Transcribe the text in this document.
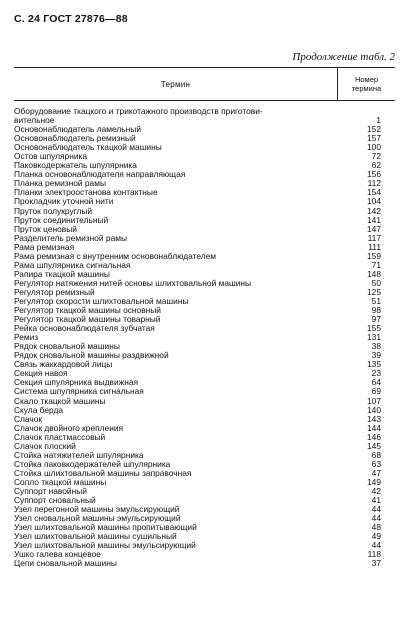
С. 24 ГОСТ 27876—88
Продолжение табл. 2
Термин	Номер
термина
Оборудование ткацкого и трикотажного производств приготови-
вительное	1
Основонаблюдатель ламельный	152
Основонаблюдатель ремизный	157
Основонаблюдатель ткацкой машины	100
Остов шпулярника	72
Паковкодержатель шпулярника	62
Планка основонаблюдателя направляющая	156
Планка ремизной рамы	112
Планки электроостанова контактные	154
Прокладчик уточной нити	104
Пруток полукруглый	142
Пруток соединительный	141
Пруток ценовый	147
Разделитель ремизной рамы	117
Рама ремизная	111
Рама ремизная с внутренним основонаблюдателем	159
Рама шпулярника сигнальная	71
Рапира ткацкой машины	148
Регулятор натяжения нитей основы шлихтовальной машины	50
Регулятор ремизный	125
Регулятор скорости шлихтовальной машины	51
Регулятор ткацкой машины основный	98
Регулятор ткацкой машины товарный	97
Рейка основонаблюдателя зубчатая	155
Ремиз	131
Рядок сновальной машины	38
Рядок сновальной машины раздвижной	39
Связь жаккардовой лицы	135
Секция навоя	23
Секция шпулярника выдвижная	64
Система шпулярника сигнальная	69
Скало ткацкой машины	107
Скула берда	140
Слачок	143
Слачок двойного крепления	144
Слачок пластмассовый	146
Слачок плоский	145
Стойка натяжителей шпулярника	68
Стойка паковкодержателей шпулярника	63
Стойка шлихтовальной машины заправочная	47
Сопло ткацкой машины	149
Суппорт навойный	42
Суппорт сновальный	41
Узел перегонной машины эмульсирующий	44
Узел сновальной машины эмульсирующий	44
Узел шлихтовальной машины пропитывающий	48
Узел шлихтовальной машины сушильный	49
Узел шлихтовальной машины эмульсирующий	44
Ушко галева концевое	118
Цепи сновальной машины	37
